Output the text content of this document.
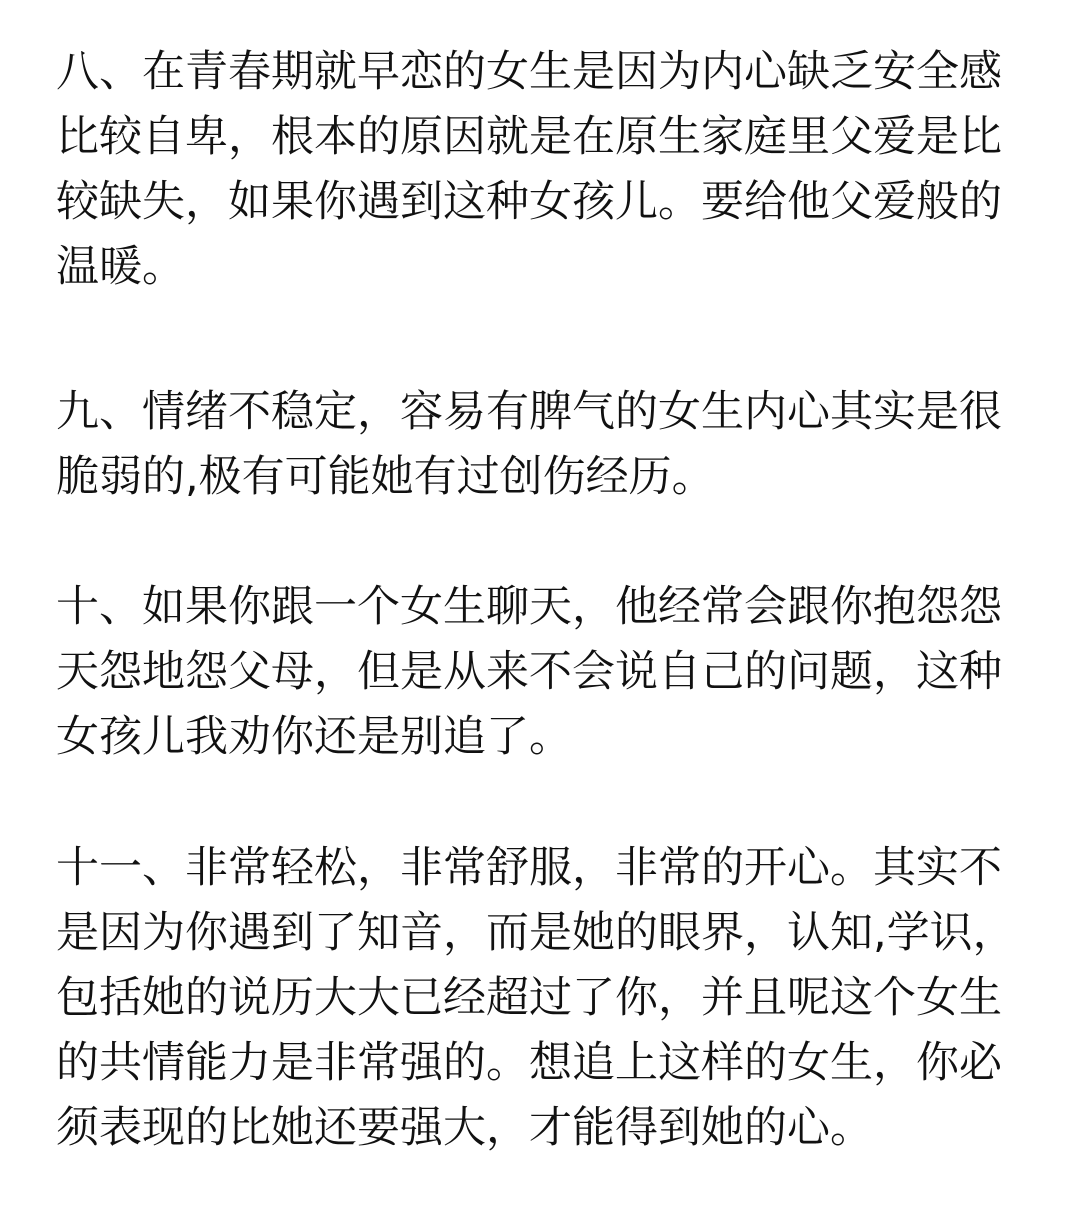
八、在青春期就早恋的女生是因为内心缺乏安全感
比较自卑，根本的原因就是在原生家庭里父爱是比
较缺失，如果你遇到这种女孩儿。要给他父爱般的
温暖。
九、情绪不稳定，容易有脾气的女生内心其实是很
脆弱的,极有可能她有过创伤经历。
十、如果你跟一个女生聊天，他经常会跟你抱怨怨
天怨地怨父母，但是从来不会说自己的问题，这种
女孩儿我劝你还是别追了。
十一、非常轻松，非常舒服，非常的开心。其实不
是因为你遇到了知音，而是她的眼界，认知,学识，
包括她的说历大大已经超过了你，并且呢这个女生
的共情能力是非常强的。想追上这样的女生，你必
须表现的比她还要强大，才能得到她的心。
